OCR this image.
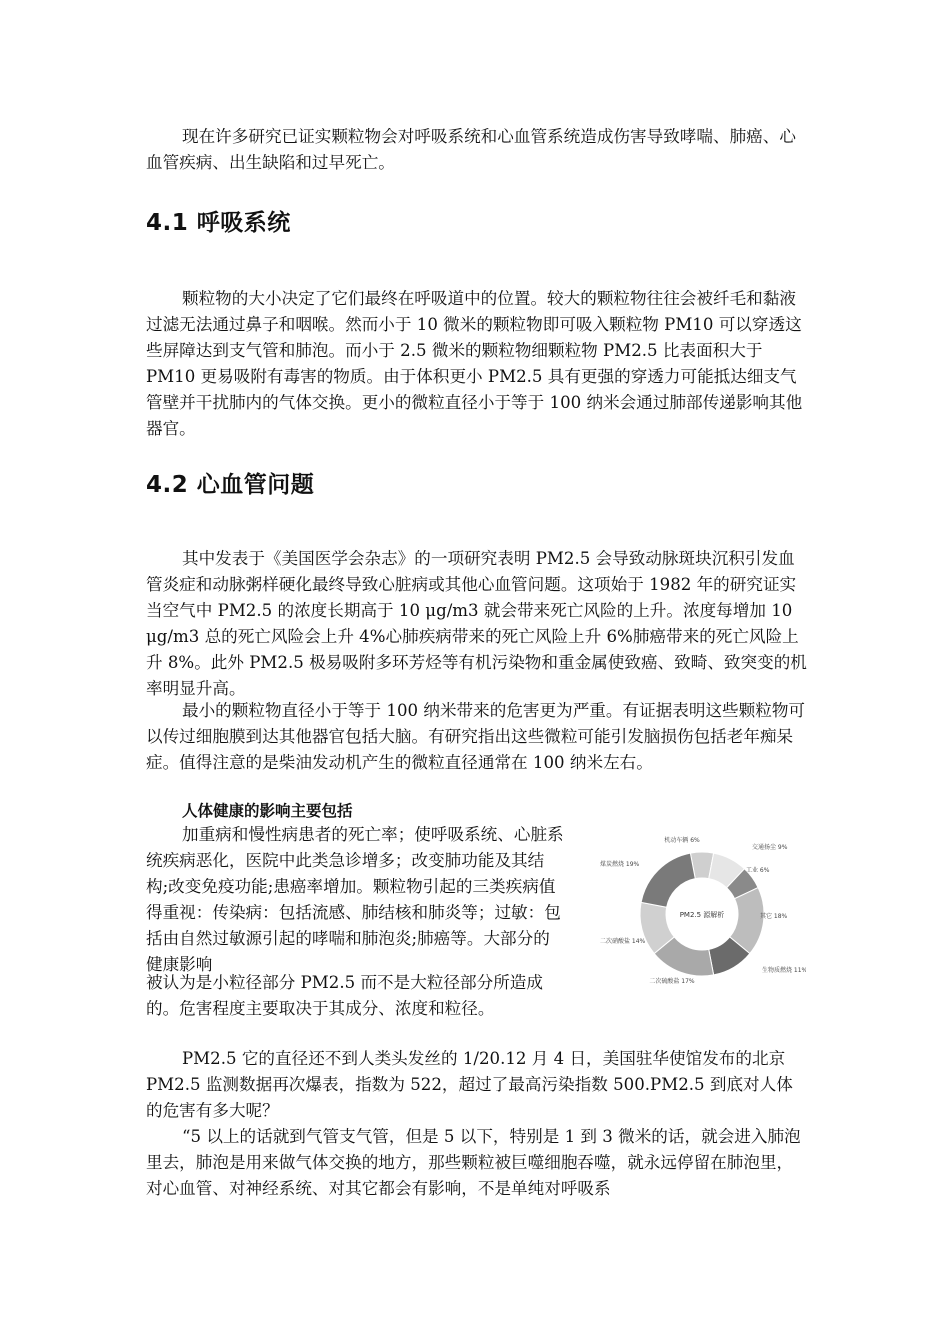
现在许多研究已证实颗粒物会对呼吸系统和心血管系统造成伤害导致哮喘、肺癌、心血管疾病、出生缺陷和过早死亡。

4.1 呼吸系统

颗粒物的大小决定了它们最终在呼吸道中的位置。较大的颗粒物往往会被纤毛和黏液过滤无法通过鼻子和咽喉。然而小于 10 微米的颗粒物即可吸入颗粒物 PM10 可以穿透这些屏障达到支气管和肺泡。而小于 2.5 微米的颗粒物细颗粒物 PM2.5 比表面积大于 PM10 更易吸附有毒害的物质。由于体积更小 PM2.5 具有更强的穿透力可能抵达细支气管壁并干扰肺内的气体交换。更小的微粒直径小于等于 100 纳米会通过肺部传递影响其他器官。

4.2 心血管问题

其中发表于《美国医学会杂志》的一项研究表明 PM2.5 会导致动脉斑块沉积引发血管炎症和动脉粥样硬化最终导致心脏病或其他心血管问题。这项始于 1982 年的研究证实当空气中 PM2.5 的浓度长期高于 10 μg/m3 就会带来死亡风险的上升。浓度每增加 10 μg/m3 总的死亡风险会上升 4%心肺疾病带来的死亡风险上升 6%肺癌带来的死亡风险上升 8%。此外 PM2.5 极易吸附多环芳烃等有机污染物和重金属使致癌、致畸、致突变的机率明显升高。

最小的颗粒物直径小于等于 100 纳米带来的危害更为严重。有证据表明这些颗粒物可以传过细胞膜到达其他器官包括大脑。有研究指出这些微粒可能引发脑损伤包括老年痴呆症。值得注意的是柴油发动机产生的微粒直径通常在 100 纳米左右。

人体健康的影响主要包括

加重病和慢性病患者的死亡率；使呼吸系统、心脏系统疾病恶化，医院中此类急诊增多；改变肺功能及其结构;改变免疫功能;患癌率增加。颗粒物引起的三类疾病值得重视：传染病：包括流感、肺结核和肺炎等；过敏：包括由自然过敏源引起的哮喘和肺泡炎;肺癌等。大部分的健康影响

被认为是小粒径部分 PM2.5 而不是大粒径部分所造成的。危害程度主要取决于其成分、浓度和粒径。

PM2.5 源解析
机动车辆 6%
交通扬尘 9%
工业 6%
其它 18%
生物质燃烧 11%
二次硫酸盐 17%
二次硝酸盐 14%
煤炭燃烧 19%

PM2.5 它的直径还不到人类头发丝的 1/20.12 月 4 日，美国驻华使馆发布的北京 PM2.5 监测数据再次爆表，指数为 522，超过了最高污染指数 500.PM2.5 到底对人体的危害有多大呢？

“5 以上的话就到气管支气管，但是 5 以下，特别是 1 到 3 微米的话，就会进入肺泡里去，肺泡是用来做气体交换的地方，那些颗粒被巨噬细胞吞噬，就永远停留在肺泡里，对心血管、对神经系统、对其它都会有影响，不是单纯对呼吸系
